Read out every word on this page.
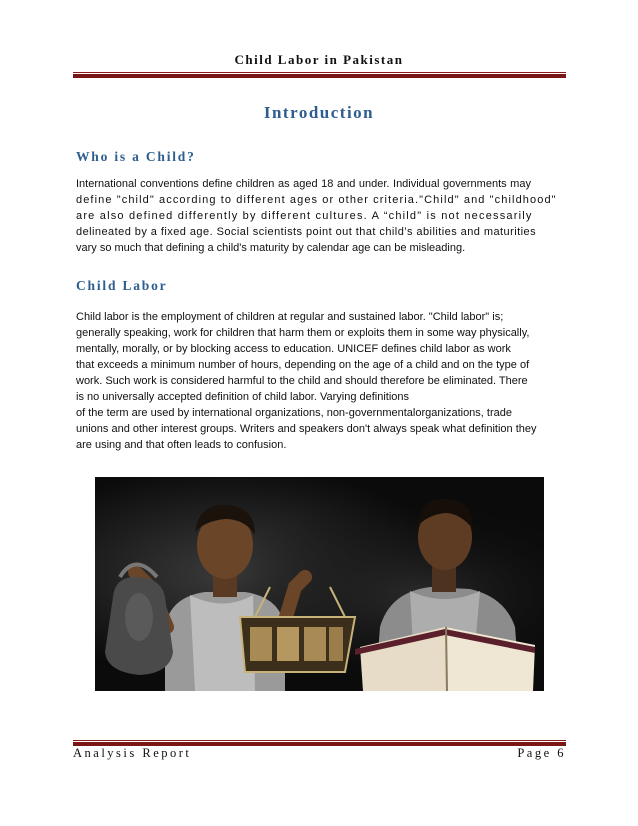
Child Labor in Pakistan
Introduction
Who is a Child?
International conventions define children as aged 18 and under. Individual governments may
define "child" according to different ages or other criteria."Child" and "childhood"
are also defined differently by different cultures. A “child" is not necessarily
delineated by a fixed age. Social scientists point out that child’s abilities and maturities
vary so much that defining a child's maturity by calendar age can be misleading.
Child Labor
Child labor is the employment of children at regular and sustained labor. "Child labor" is;
generally speaking, work for children that harm them or exploits them in some way physically,
mentally, morally, or by blocking access to education. UNICEF defines child labor as work
that exceeds a minimum number of hours, depending on the age of a child and on the type of
work. Such work is considered harmful to the child and should therefore be eliminated. There
is no universally accepted definition of child labor. Varying definitions
of the term are used by international organizations, non-governmentalorganizations, trade
unions and other interest groups. Writers and speakers don't always speak what definition they
are using and that often leads to confusion.
Analysis Report	Page 6
